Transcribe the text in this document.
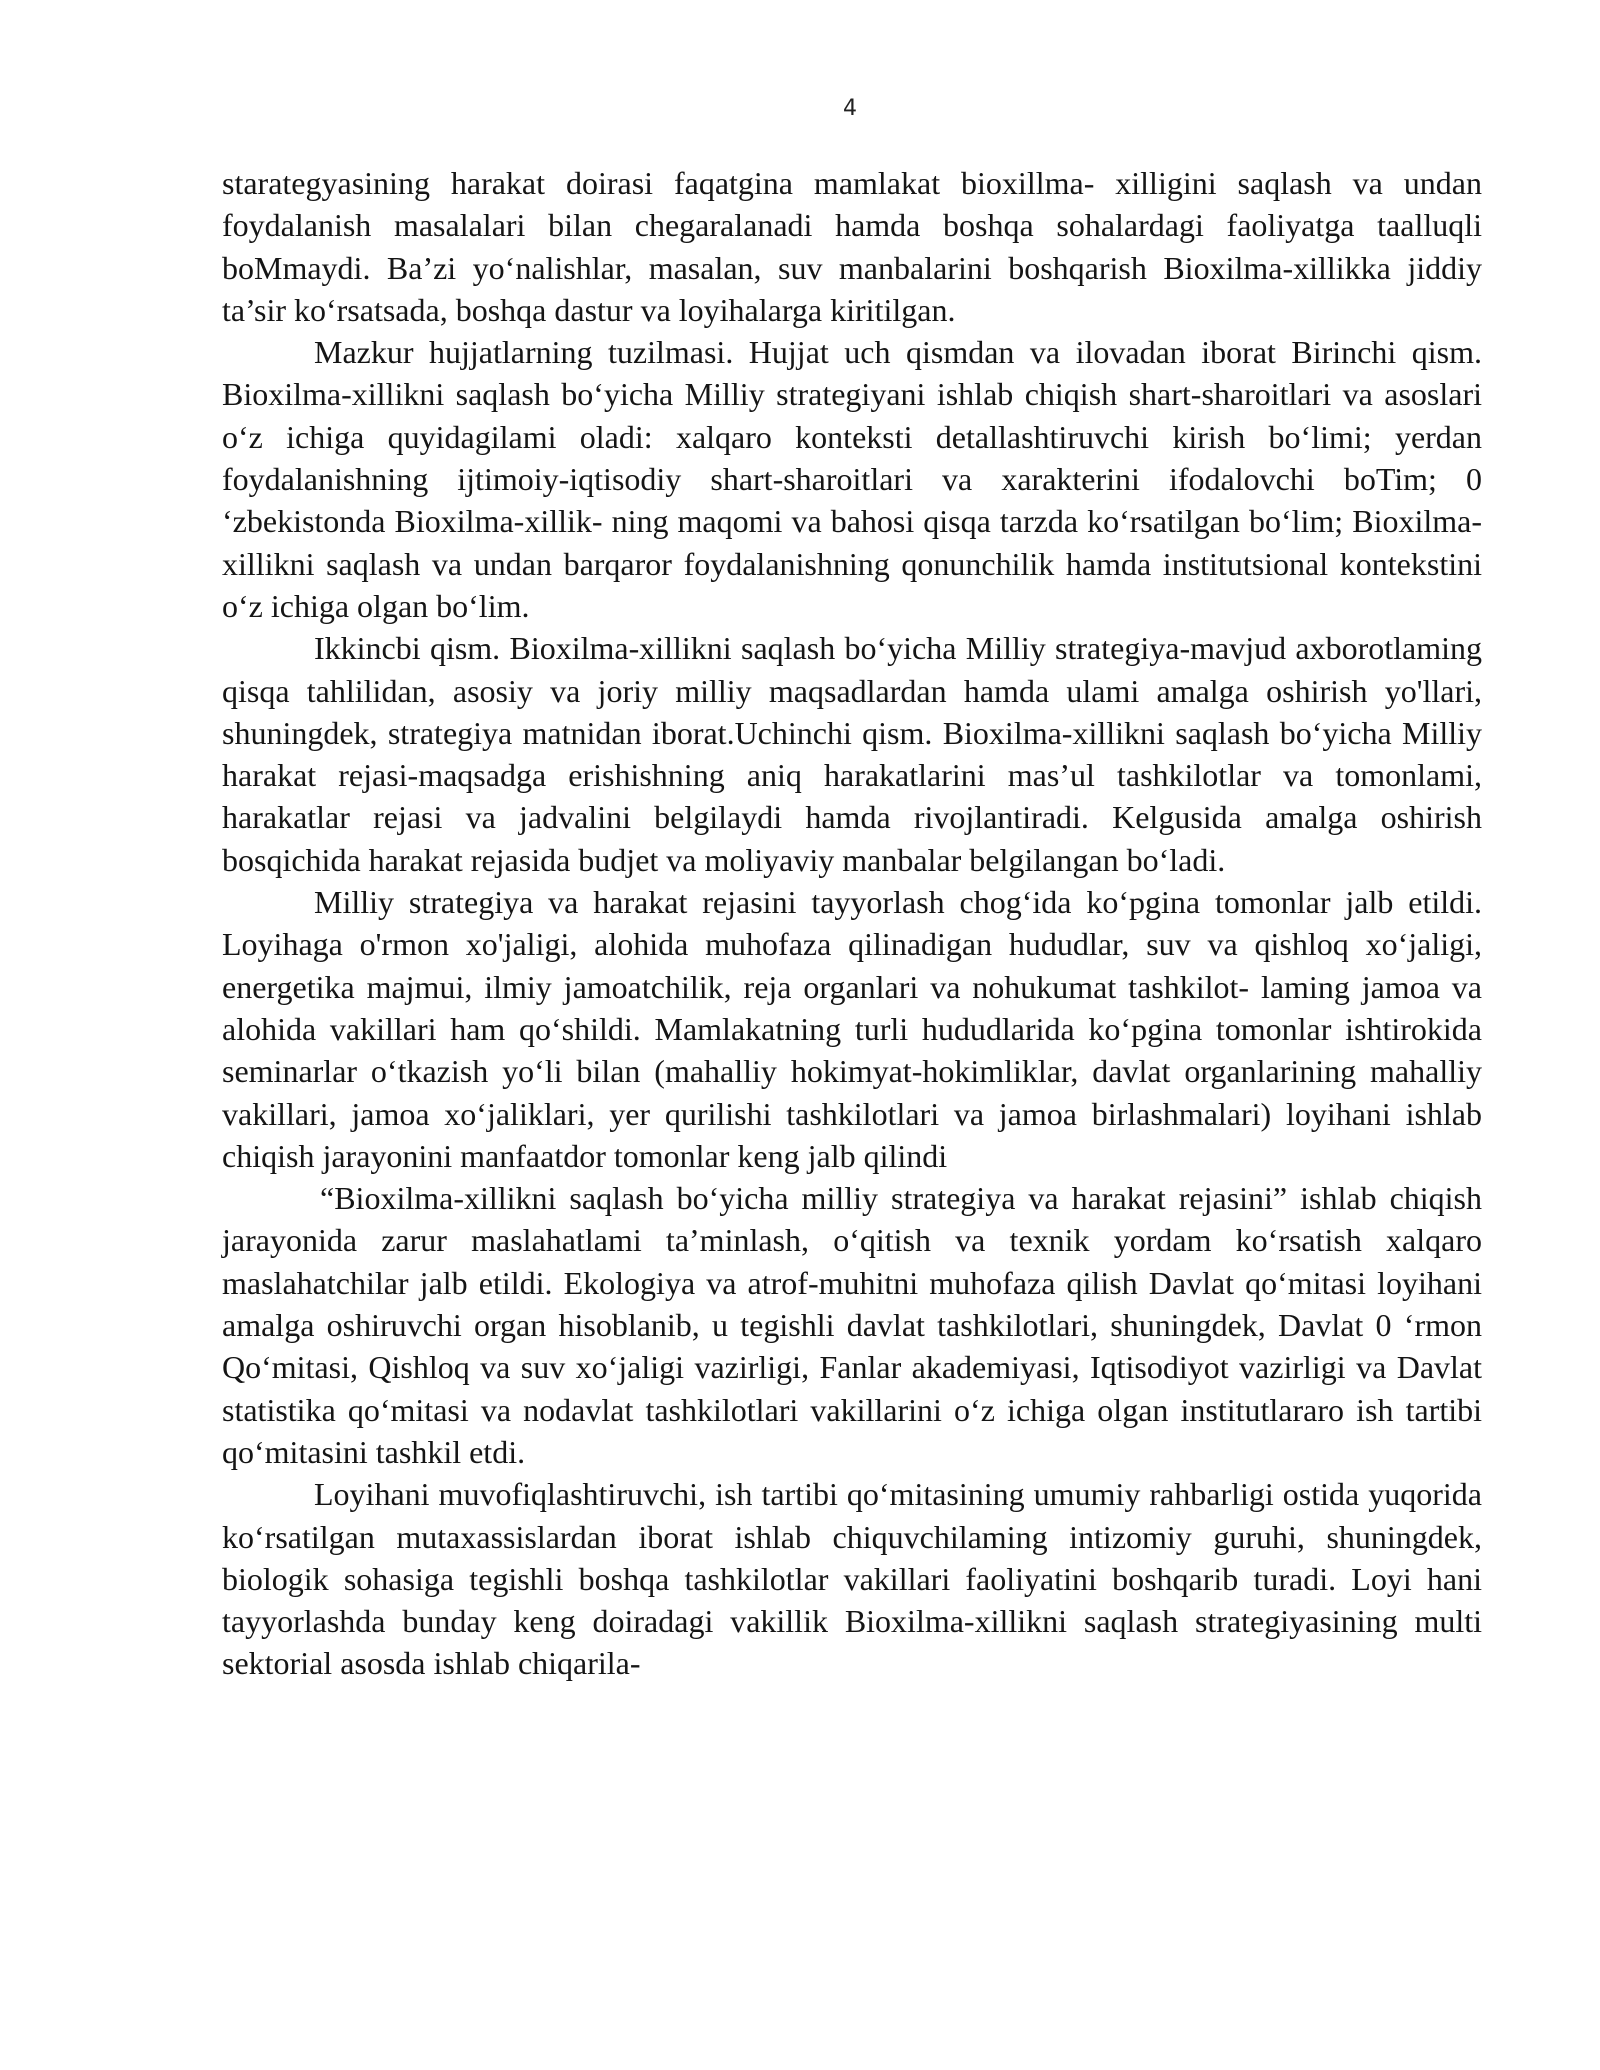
4

starategyasining harakat doirasi faqatgina mamlakat bioxillma- xilligini saqlash va undan foydalanish masalalari bilan chegaralanadi hamda boshqa sohalardagi faoliyatga taalluqli boMmaydi. Ba’zi yo‘nalishlar, masalan, suv manbalarini boshqarish Bioxilma-xillikka jiddiy ta’sir ko‘rsatsada, boshqa dastur va loyihalarga kiritilgan.

Mazkur hujjatlarning tuzilmasi. Hujjat uch qismdan va ilovadan iborat Birinchi qism. Bioxilma-xillikni saqlash bo‘yicha Milliy strategiyani ishlab chiqish shart-sharoitlari va asoslari o‘z ichiga quyidagilami oladi: xalqaro konteksti detallashtiruvchi kirish bo‘limi; yerdan foydalanishning ijtimoiy-iqtisodiy shart-sharoitlari va xarakterini ifodalovchi boTim; 0 ‘zbekistonda Bioxilma-xillik- ning maqomi va bahosi qisqa tarzda ko‘rsatilgan bo‘lim; Bioxilma- xillikni saqlash va undan barqaror foydalanishning qonunchilik hamda institutsional kontekstini o‘z ichiga olgan bo‘lim.

Ikkincbi qism. Bioxilma-xillikni saqlash bo‘yicha Milliy strategiya-mavjud axborotlaming qisqa tahlilidan, asosiy va joriy milliy maqsadlardan hamda ulami amalga oshirish yo'llari, shuningdek, strategiya matnidan iborat.Uchinchi qism. Bioxilma-xillikni saqlash bo‘yicha Milliy harakat rejasi-maqsadga erishishning aniq harakatlarini mas’ul tashkilotlar va tomonlami, harakatlar rejasi va jadvalini belgilaydi hamda rivojlantiradi. Kelgusida amalga oshirish bosqichida harakat rejasida budjet va moliyaviy manbalar belgilangan bo‘ladi.

Milliy strategiya va harakat rejasini tayyorlash chog‘ida ko‘pgina tomonlar jalb etildi. Loyihaga o'rmon xo'jaligi, alohida muhofaza qilinadigan hududlar, suv va qishloq xo‘jaligi, energetika majmui, ilmiy jamoatchilik, reja organlari va nohukumat tashkilot- laming jamoa va alohida vakillari ham qo‘shildi. Mamlakatning turli hududlarida ko‘pgina tomonlar ishtirokida seminarlar o‘tkazish yo‘li bilan (mahalliy hokimyat-hokimliklar, davlat organlarining mahalliy vakillari, jamoa xo‘jaliklari, yer qurilishi tashkilotlari va jamoa birlashmalari) loyihani ishlab chiqish jarayonini manfaatdor tomonlar keng jalb qilindi

“Bioxilma-xillikni saqlash bo‘yicha milliy strategiya va harakat rejasini” ishlab chiqish jarayonida zarur maslahatlami ta’minlash, o‘qitish va texnik yordam ko‘rsatish xalqaro maslahatchilar jalb etildi. Ekologiya va atrof-muhitni muhofaza qilish Davlat qo‘mitasi loyihani amalga oshiruvchi organ hisoblanib, u tegishli davlat tashkilotlari, shuningdek, Davlat 0 ‘rmon Qo‘mitasi, Qishloq va suv xo‘jaligi vazirligi, Fanlar akademiyasi, Iqtisodiyot vazirligi va Davlat statistika qo‘mitasi va nodavlat tashkilotlari vakillarini o‘z ichiga olgan institutlararo ish tartibi qo‘mitasini tashkil etdi.

Loyihani muvofiqlashtiruvchi, ish tartibi qo‘mitasining umumiy rahbarligi ostida yuqorida ko‘rsatilgan mutaxassislardan iborat ishlab chiquvchilaming intizomiy guruhi, shuningdek, biologik sohasiga tegishli boshqa tashkilotlar vakillari faoliyatini boshqarib turadi. Loyi hani tayyorlashda bunday keng doiradagi vakillik Bioxilma-xillikni saqlash strategiyasining multi sektorial asosda ishlab chiqarila-
